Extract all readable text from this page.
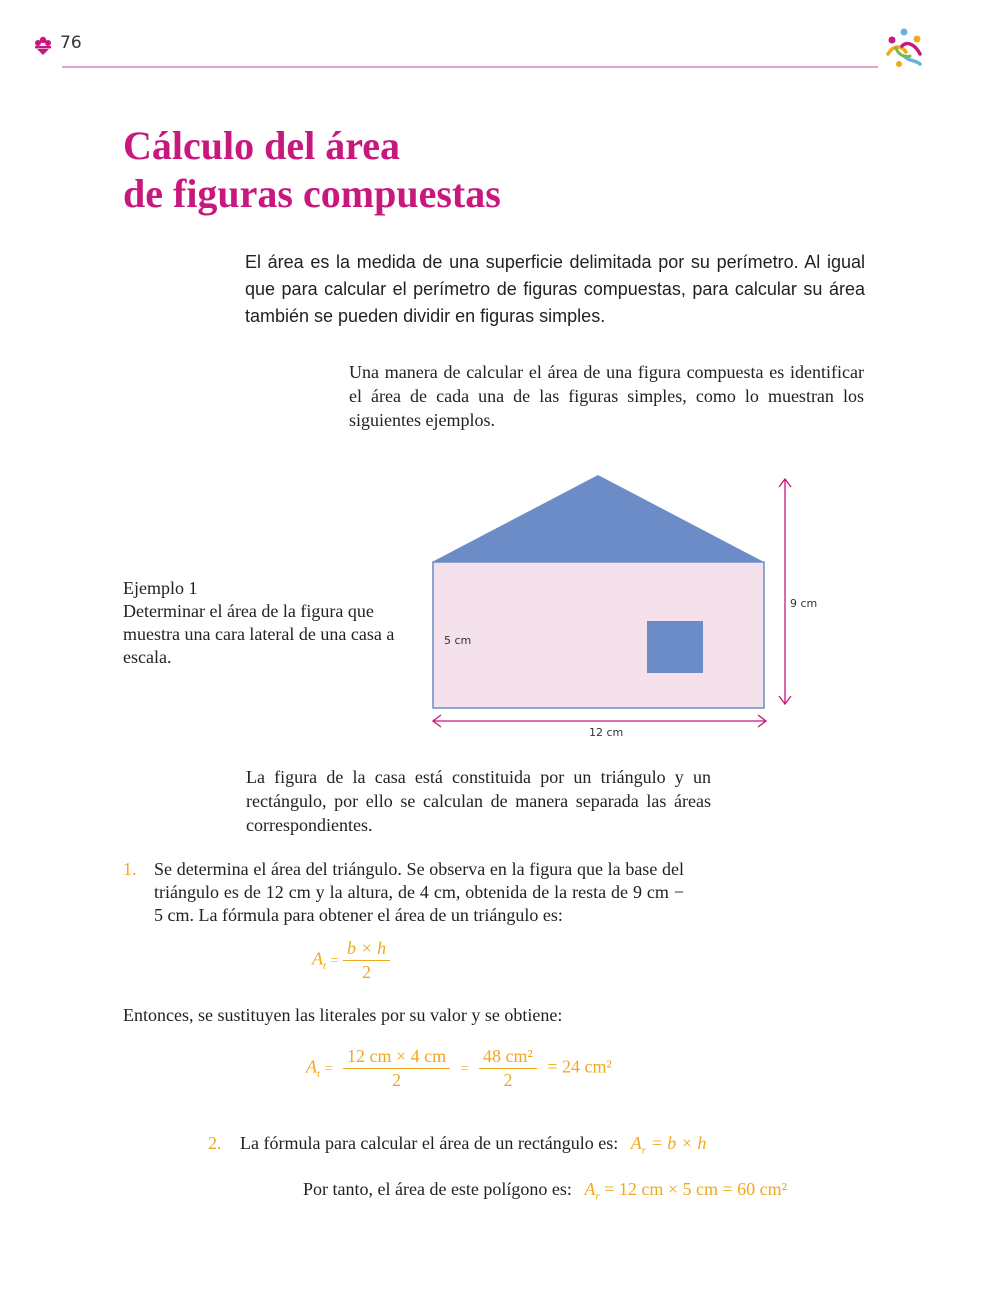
76
Cálculo del área
de figuras compuestas
El área es la medida de una superficie delimitada por su perímetro. Al igual que para calcular el perímetro de figuras compuestas, para calcular su área también se pueden dividir en figuras simples.
Una manera de calcular el área de una figura compuesta es identificar el área de cada una de las figuras simples, como lo muestran los siguientes ejemplos.
Ejemplo 1
Determinar el área de la figura que muestra una cara lateral de una casa a escala.
9 cm
5 cm
12 cm
La figura de la casa está constituida por un triángulo y un rectángulo, por ello se calculan de manera separada las áreas correspondientes.
1. Se determina el área del triángulo. Se observa en la figura que la base del triángulo es de 12 cm y la altura, de 4 cm, obtenida de la resta de 9 cm − 5 cm. La fórmula para obtener el área de un triángulo es:
$A_t = \frac{b \times h}{2}$
Entonces, se sustituyen las literales por su valor y se obtiene:
$A_t = \frac{12 cm \times 4 cm}{2} = \frac{\text{48 cm²}}{2} = 24$ cm²
2. La fórmula para calcular el área de un rectángulo es: $A_r = b \times h$
Por tanto, el área de este polígono es: $A_r = 12$ cm × 5 cm = 60 cm²
